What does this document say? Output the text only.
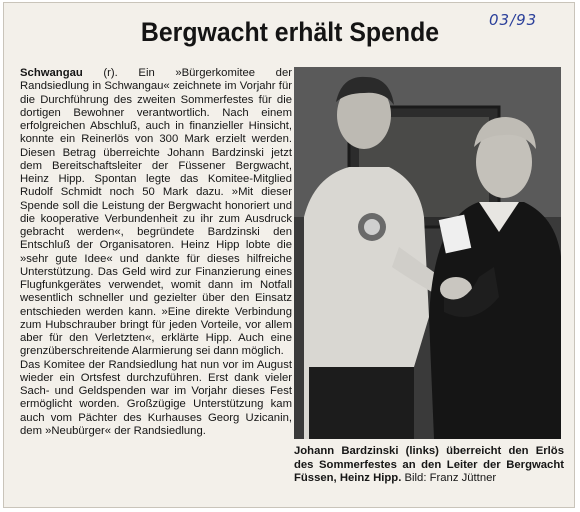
03/93
Bergwacht erhält Spende

Schwangau (r). Ein »Bürgerkomitee der Randsiedlung in Schwangau« zeichnete im Vorjahr für die Durchführung des zweiten Sommerfestes für die dortigen Bewohner verantwortlich. Nach einem erfolgreichen Abschluß, auch in finanzieller Hinsicht, konnte ein Reinerlös von 300 Mark erzielt werden. Diesen Betrag überreichte Johann Bardzinski jetzt dem Bereitschaftsleiter der Füssener Bergwacht, Heinz Hipp. Spontan legte das Komitee-Mitglied Rudolf Schmidt noch 50 Mark dazu. »Mit dieser Spende soll die Leistung der Bergwacht honoriert und die kooperative Verbundenheit zu ihr zum Ausdruck gebracht werden«, begründete Bardzinski den Entschluß der Organisatoren. Heinz Hipp lobte die »sehr gute Idee« und dankte für dieses hilfreiche Unterstützung. Das Geld wird zur Finanzierung eines Flugfunkgerätes verwendet, womit dann im Notfall wesentlich schneller und gezielter über den Einsatz entschieden werden kann. »Eine direkte Verbindung zum Hubschrauber bringt für jeden Vorteile, vor allem aber für den Verletzten«, erklärte Hipp. Auch eine grenzüberschreitende Alarmierung sei dann möglich.

Das Komitee der Randsiedlung hat nun vor im August wieder ein Ortsfest durchzuführen. Erst dank vieler Sach- und Geldspenden war im Vorjahr dieses Fest ermöglicht worden. Großzügige Unterstützung kam auch vom Pächter des Kurhauses Georg Uzicanin, dem »Neubürger« der Randsiedlung.

Johann Bardzinski (links) überreicht den Erlös des Sommerfestes an den Leiter der Bergwacht Füssen, Heinz Hipp. Bild: Franz Jüttner
